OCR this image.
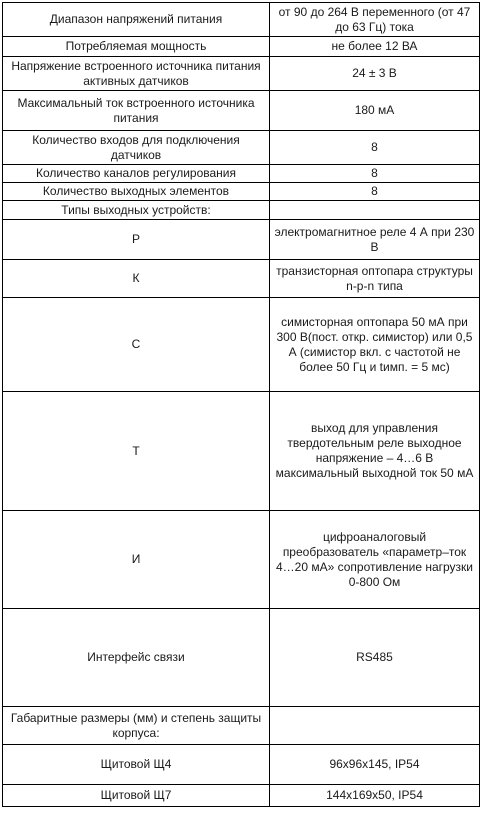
Диапазон напряжений питания	от 90 до 264 В переменного (от 47 до 63 Гц) тока
Потребляемая мощность	не более 12 ВА
Напряжение встроенного источника питания активных датчиков	24 ± 3 В
Максимальный ток встроенного источника питания	180 мА
Количество входов для подключения датчиков	8
Количество каналов регулирования	8
Количество выходных элементов	8
Типы выходных устройств:	
Р	электромагнитное реле 4 А при 230 В
К	транзисторная оптопара структуры n-p-n типа
С	симисторная оптопара 50 мА при 300 В(пост. откр. симистор) или 0,5 А (симистор вкл. с частотой не более 50 Гц и tимп. = 5 мс)
Т	выход для управления твердотельным реле выходное напряжение – 4…6 В максимальный выходной ток 50 мА
И	цифроаналоговый преобразователь «параметр–ток 4…20 мА» сопротивление нагрузки 0-800 Ом
Интерфейс связи	RS485
Габаритные размеры (мм) и степень защиты корпуса:	
Щитовой Щ4	96х96х145, IP54
Щитовой Щ7	144х169х50, IP54
